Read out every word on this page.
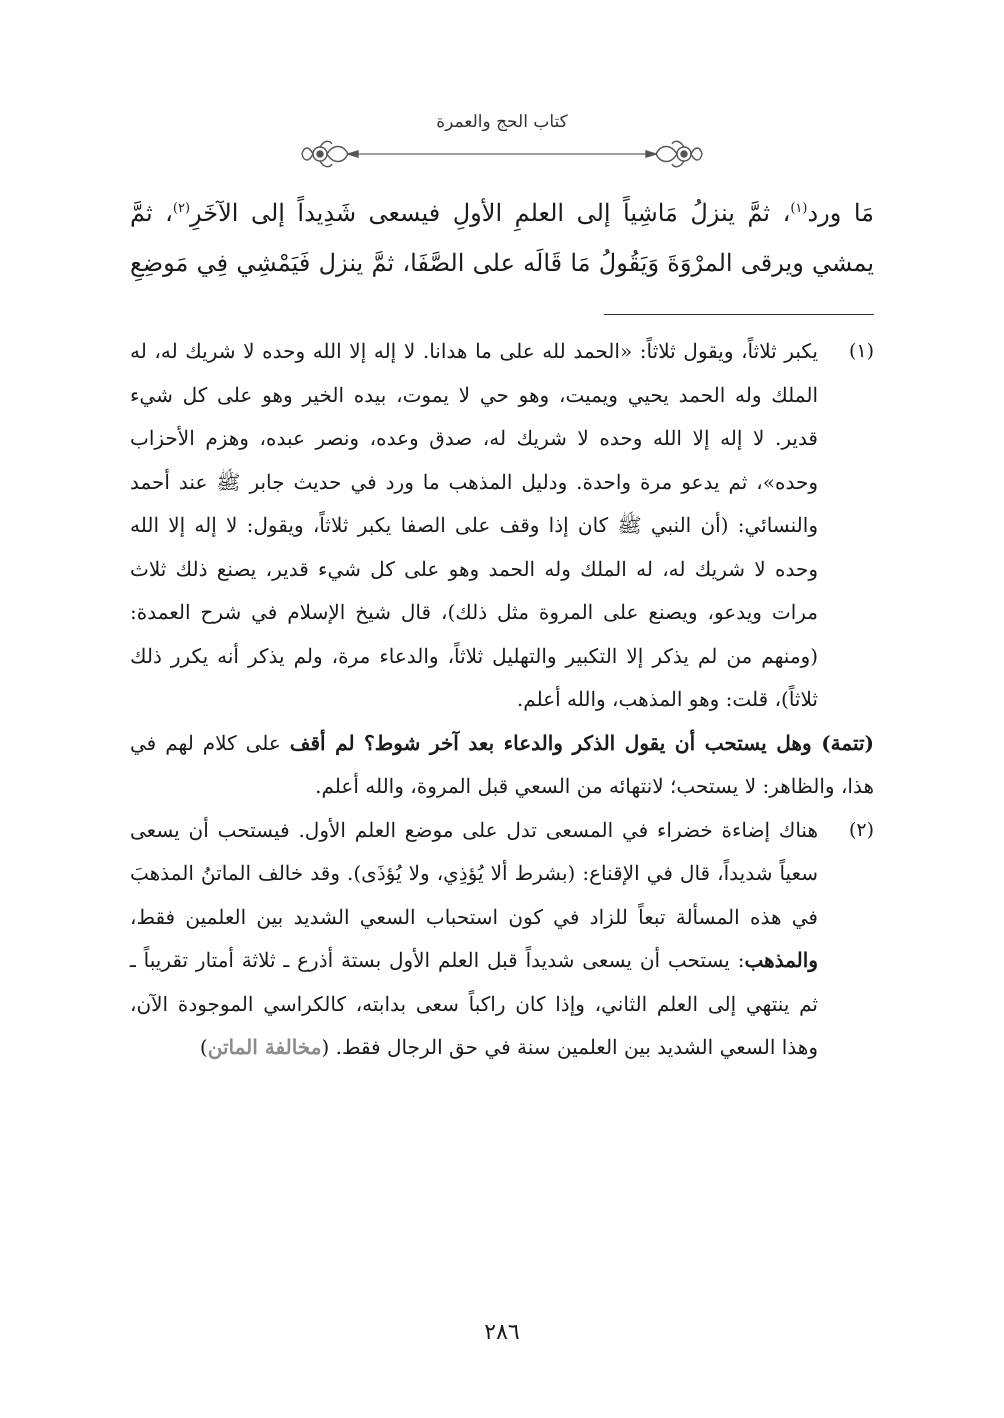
كتاب الحج والعمرة
مَا ورد$^{(١)}$، ثمَّ ينزلُ مَاشِياً إلى العلمِ الأولِ فيسعى شَدِيداً إلى الآخَرِ$^{(٢)}$، ثمَّ
يمشي ويرقى المرْوَةَ وَيَقُولُ مَا قَالَه على الصَّفَا، ثمَّ ينزل فَيَمْشِي فِي مَوضِعِ
(١)
يكبر ثلاثاً، ويقول ثلاثاً: «الحمد لله على ما هدانا. لا إله إلا الله وحده لا شريك له، له الملك وله الحمد يحيي ويميت، وهو حي لا يموت، بيده الخير وهو على كل شيء قدير. لا إله إلا الله وحده لا شريك له، صدق وعده، ونصر عبده، وهزم الأحزاب وحده»، ثم يدعو مرة واحدة. ودليل المذهب ما ورد في حديث جابر ﷺ عند أحمد والنسائي: (أن النبي ﷺ كان إذا وقف على الصفا يكبر ثلاثاً، ويقول: لا إله إلا الله وحده لا شريك له، له الملك وله الحمد وهو على كل شيء قدير، يصنع ذلك ثلاث مرات ويدعو، ويصنع على المروة مثل ذلك)، قال شيخ الإسلام في شرح العمدة: (ومنهم من لم يذكر إلا التكبير والتهليل ثلاثاً، والدعاء مرة، ولم يذكر أنه يكرر ذلك ثلاثاً)، قلت: وهو المذهب، والله أعلم.
(تتمة) وهل يستحب أن يقول الذكر والدعاء بعد آخر شوط؟ لم أقف على كلام لهم في هذا، والظاهر: لا يستحب؛ لانتهائه من السعي قبل المروة، والله أعلم.
(٢)
هناك إضاءة خضراء في المسعى تدل على موضع العلم الأول. فيستحب أن يسعى سعياً شديداً، قال في الإقناع: (بشرط ألا يُؤذِي، ولا يُؤذَى). وقد خالف الماتنُ المذهبَ في هذه المسألة تبعاً للزاد في كون استحباب السعي الشديد بين العلمين فقط، والمذهب: يستحب أن يسعى شديداً قبل العلم الأول بستة أذرع ـ ثلاثة أمتار تقريباً ـ ثم ينتهي إلى العلم الثاني، وإذا كان راكباً سعى بدابته، كالكراسي الموجودة الآن، وهذا السعي الشديد بين العلمين سنة في حق الرجال فقط. (مخالفة الماتن)
٢٨٦
